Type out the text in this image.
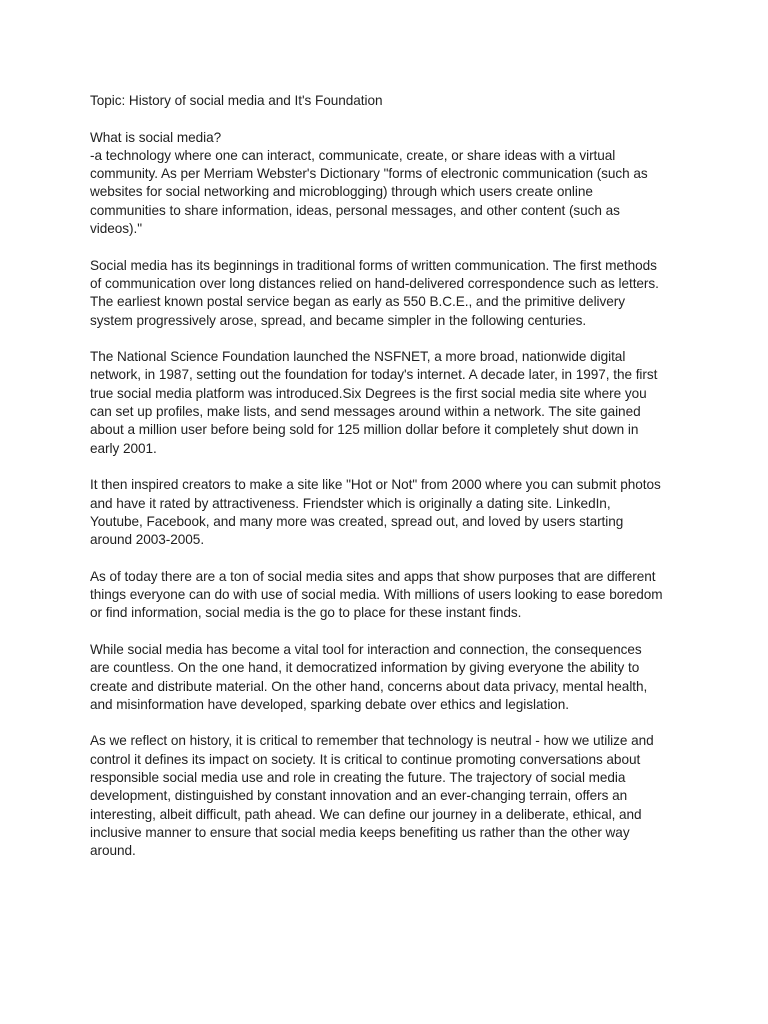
Topic: History of social media and It's Foundation

What is social media?
-a technology where one can interact, communicate, create, or share ideas with a virtual
community. As per Merriam Webster's Dictionary "forms of electronic communication (such as
websites for social networking and microblogging) through which users create online
communities to share information, ideas, personal messages, and other content (such as
videos)."

Social media has its beginnings in traditional forms of written communication. The first methods
of communication over long distances relied on hand-delivered correspondence such as letters.
The earliest known postal service began as early as 550 B.C.E., and the primitive delivery
system progressively arose, spread, and became simpler in the following centuries.

The National Science Foundation launched the NSFNET, a more broad, nationwide digital
network, in 1987, setting out the foundation for today's internet. A decade later, in 1997, the first
true social media platform was introduced.Six Degrees is the first social media site where you
can set up profiles, make lists, and send messages around within a network. The site gained
about a million user before being sold for 125 million dollar before it completely shut down in
early 2001.

It then inspired creators to make a site like "Hot or Not" from 2000 where you can submit photos
and have it rated by attractiveness. Friendster which is originally a dating site. LinkedIn,
Youtube, Facebook, and many more was created, spread out, and loved by users starting
around 2003-2005.

As of today there are a ton of social media sites and apps that show purposes that are different
things everyone can do with use of social media. With millions of users looking to ease boredom
or find information, social media is the go to place for these instant finds.

While social media has become a vital tool for interaction and connection, the consequences
are countless. On the one hand, it democratized information by giving everyone the ability to
create and distribute material. On the other hand, concerns about data privacy, mental health,
and misinformation have developed, sparking debate over ethics and legislation.

As we reflect on history, it is critical to remember that technology is neutral - how we utilize and
control it defines its impact on society. It is critical to continue promoting conversations about
responsible social media use and role in creating the future. The trajectory of social media
development, distinguished by constant innovation and an ever-changing terrain, offers an
interesting, albeit difficult, path ahead. We can define our journey in a deliberate, ethical, and
inclusive manner to ensure that social media keeps benefiting us rather than the other way
around.
